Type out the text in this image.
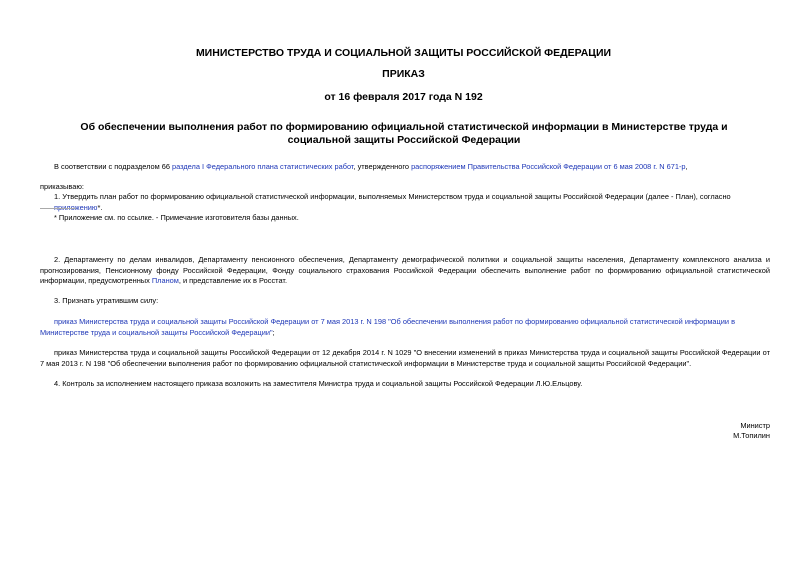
МИНИСТЕРСТВО ТРУДА И СОЦИАЛЬНОЙ ЗАЩИТЫ РОССИЙСКОЙ ФЕДЕРАЦИИ
ПРИКАЗ
от 16 февраля 2017 года N 192
Об обеспечении выполнения работ по формированию официальной статистической информации в Министерстве труда и социальной защиты Российской Федерации
В соответствии с подразделом 66 раздела I Федерального плана статистических работ, утвержденного распоряжением Правительства Российской Федерации от 6 мая 2008 г. N 671-р,
приказываю:
1. Утвердить план работ по формированию официальной статистической информации, выполняемых Министерством труда и социальной защиты Российской Федерации (далее - План), согласно приложению*.
* Приложение см. по ссылке. - Примечание изготовителя базы данных.
2. Департаменту по делам инвалидов, Департаменту пенсионного обеспечения, Департаменту демографической политики и социальной защиты населения, Департаменту комплексного анализа и прогнозирования, Пенсионному фонду Российской Федерации, Фонду социального страхования Российской Федерации обеспечить выполнение работ по формированию официальной статистической информации, предусмотренных Планом, и представление их в Росстат.
3. Признать утратившим силу:
приказ Министерства труда и социальной защиты Российской Федерации от 7 мая 2013 г. N 198 "Об обеспечении выполнения работ по формированию официальной статистической информации в Министерстве труда и социальной защиты Российской Федерации";
приказ Министерства труда и социальной защиты Российской Федерации от 12 декабря 2014 г. N 1029 "О внесении изменений в приказ Министерства труда и социальной защиты Российской Федерации от 7 мая 2013 г. N 198 "Об обеспечении выполнения работ по формированию официальной статистической информации в Министерстве труда и социальной защиты Российской Федерации".
4. Контроль за исполнением настоящего приказа возложить на заместителя Министра труда и социальной защиты Российской Федерации Л.Ю.Ельцову.
Министр
М.Топилин
